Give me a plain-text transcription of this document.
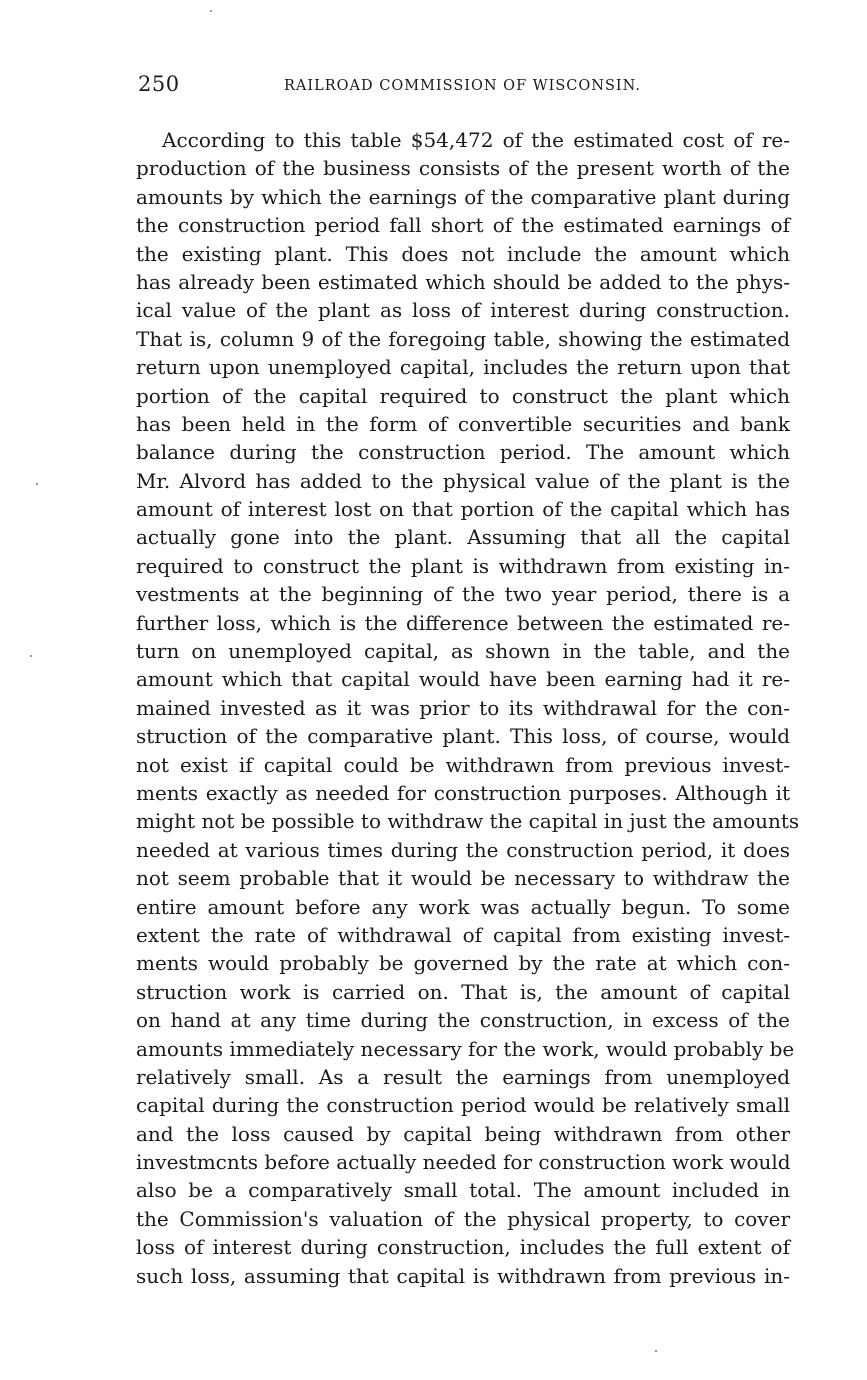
250	RAILROAD COMMISSION OF WISCONSIN.
According to this table $54,472 of the estimated cost of re-
production of the business consists of the present worth of the
amounts by which the earnings of the comparative plant during
the construction period fall short of the estimated earnings of
the existing plant. This does not include the amount which
has already been estimated which should be added to the phys-
ical value of the plant as loss of interest during construction.
That is, column 9 of the foregoing table, showing the estimated
return upon unemployed capital, includes the return upon that
portion of the capital required to construct the plant which
has been held in the form of convertible securities and bank
balance during the construction period. The amount which
Mr. Alvord has added to the physical value of the plant is the
amount of interest lost on that portion of the capital which has
actually gone into the plant. Assuming that all the capital
required to construct the plant is withdrawn from existing in-
vestments at the beginning of the two year period, there is a
further loss, which is the difference between the estimated re-
turn on unemployed capital, as shown in the table, and the
amount which that capital would have been earning had it re-
mained invested as it was prior to its withdrawal for the con-
struction of the comparative plant. This loss, of course, would
not exist if capital could be withdrawn from previous invest-
ments exactly as needed for construction purposes. Although it
might not be possible to withdraw the capital in just the amounts
needed at various times during the construction period, it does
not seem probable that it would be necessary to withdraw the
entire amount before any work was actually begun. To some
extent the rate of withdrawal of capital from existing invest-
ments would probably be governed by the rate at which con-
struction work is carried on. That is, the amount of capital
on hand at any time during the construction, in excess of the
amounts immediately necessary for the work, would probably be
relatively small. As a result the earnings from unemployed
capital during the construction period would be relatively small
and the loss caused by capital being withdrawn from other
investmcnts before actually needed for construction work would
also be a comparatively small total. The amount included in
the Commission's valuation of the physical property, to cover
loss of interest during construction, includes the full extent of
such loss, assuming that capital is withdrawn from previous in-
